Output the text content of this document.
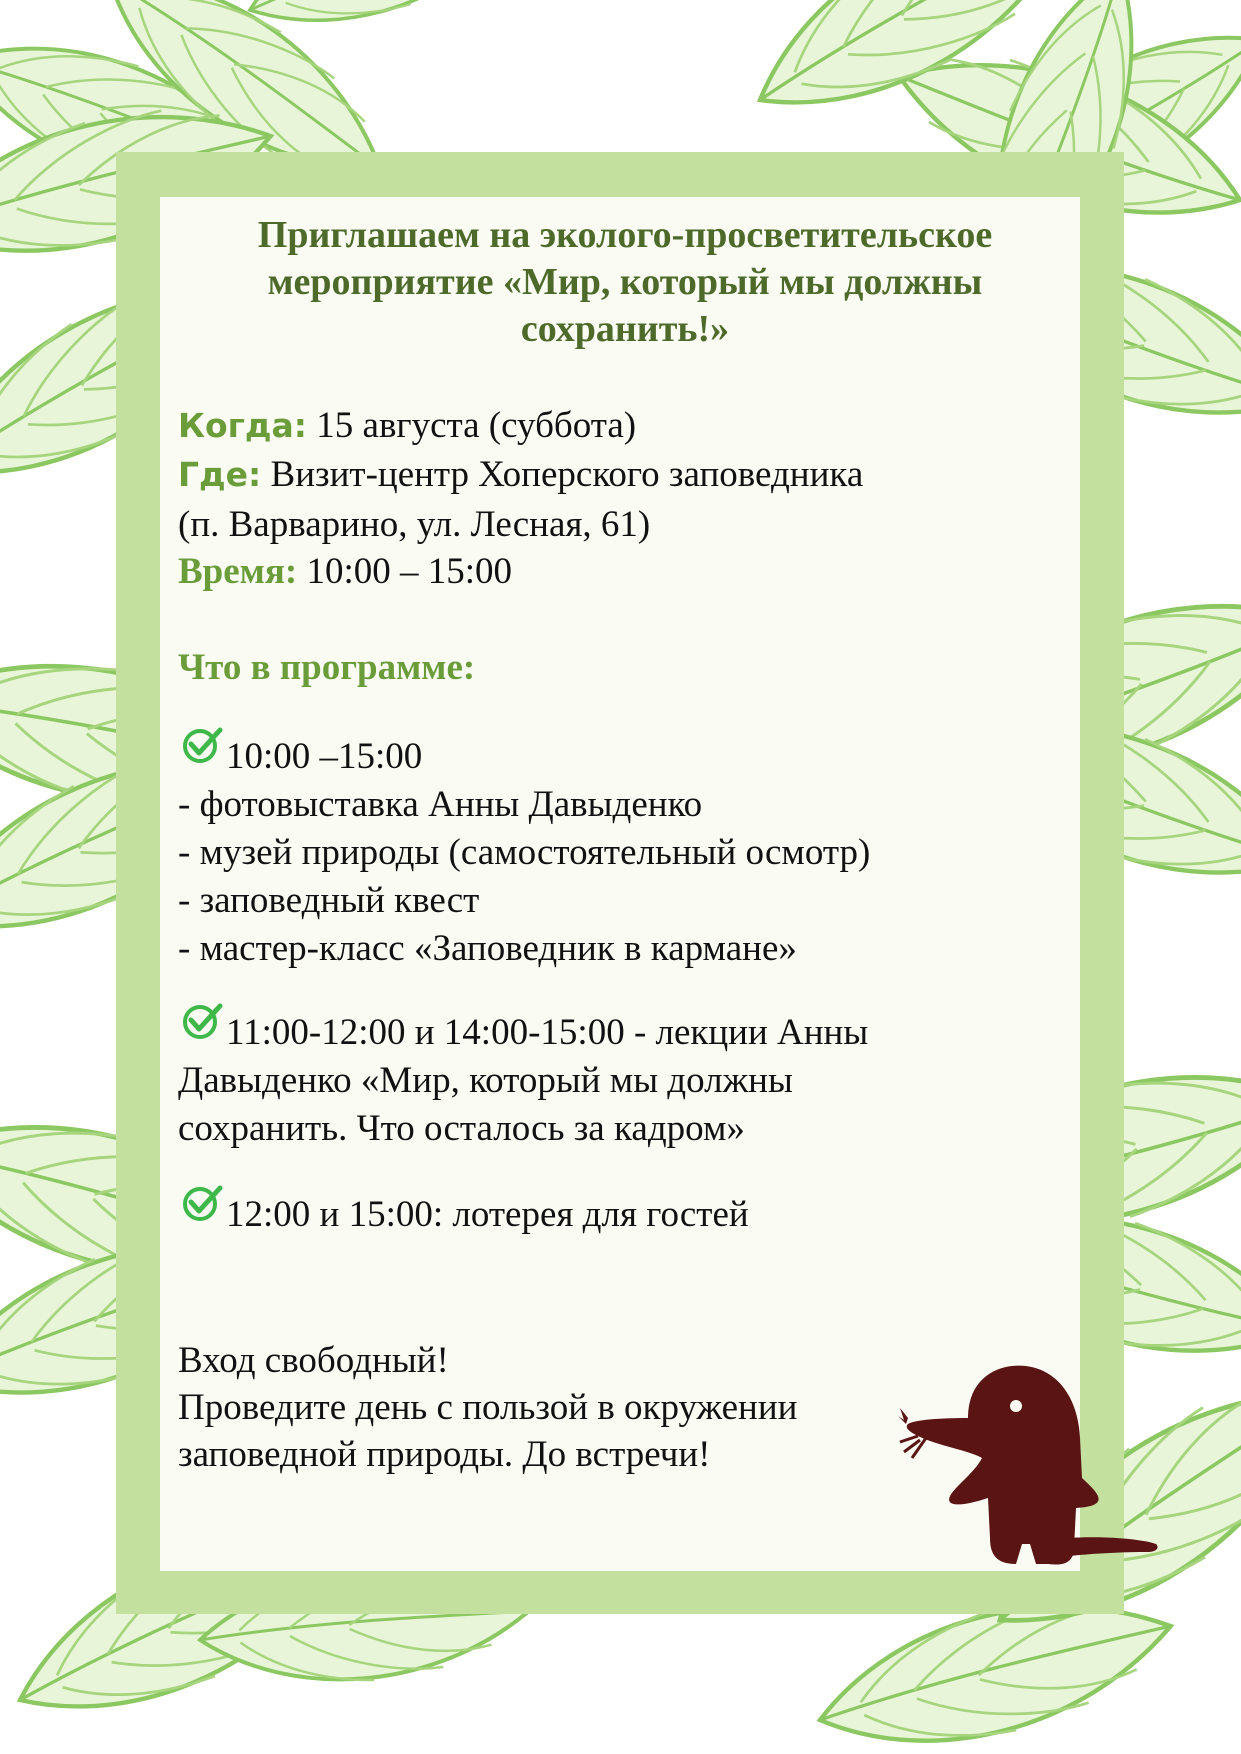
Приглашаем на эколого-просветительское
мероприятие «Мир, который мы должны
сохранить!»
Когда: 15 августа (суббота)
Где: Визит-центр Хоперского заповедника
(п. Варварино, ул. Лесная, 61)
Время: 10:00 – 15:00
Что в программе:
10:00 –15:00
- фотовыставка Анны Давыденко
- музей природы (самостоятельный осмотр)
- заповедный квест
- мастер-класс «Заповедник в кармане»
11:00-12:00 и 14:00-15:00 - лекции Анны
Давыденко «Мир, который мы должны
сохранить. Что осталось за кадром»
12:00 и 15:00: лотерея для гостей
Вход свободный!
Проведите день с пользой в окружении
заповедной природы. До встречи!
